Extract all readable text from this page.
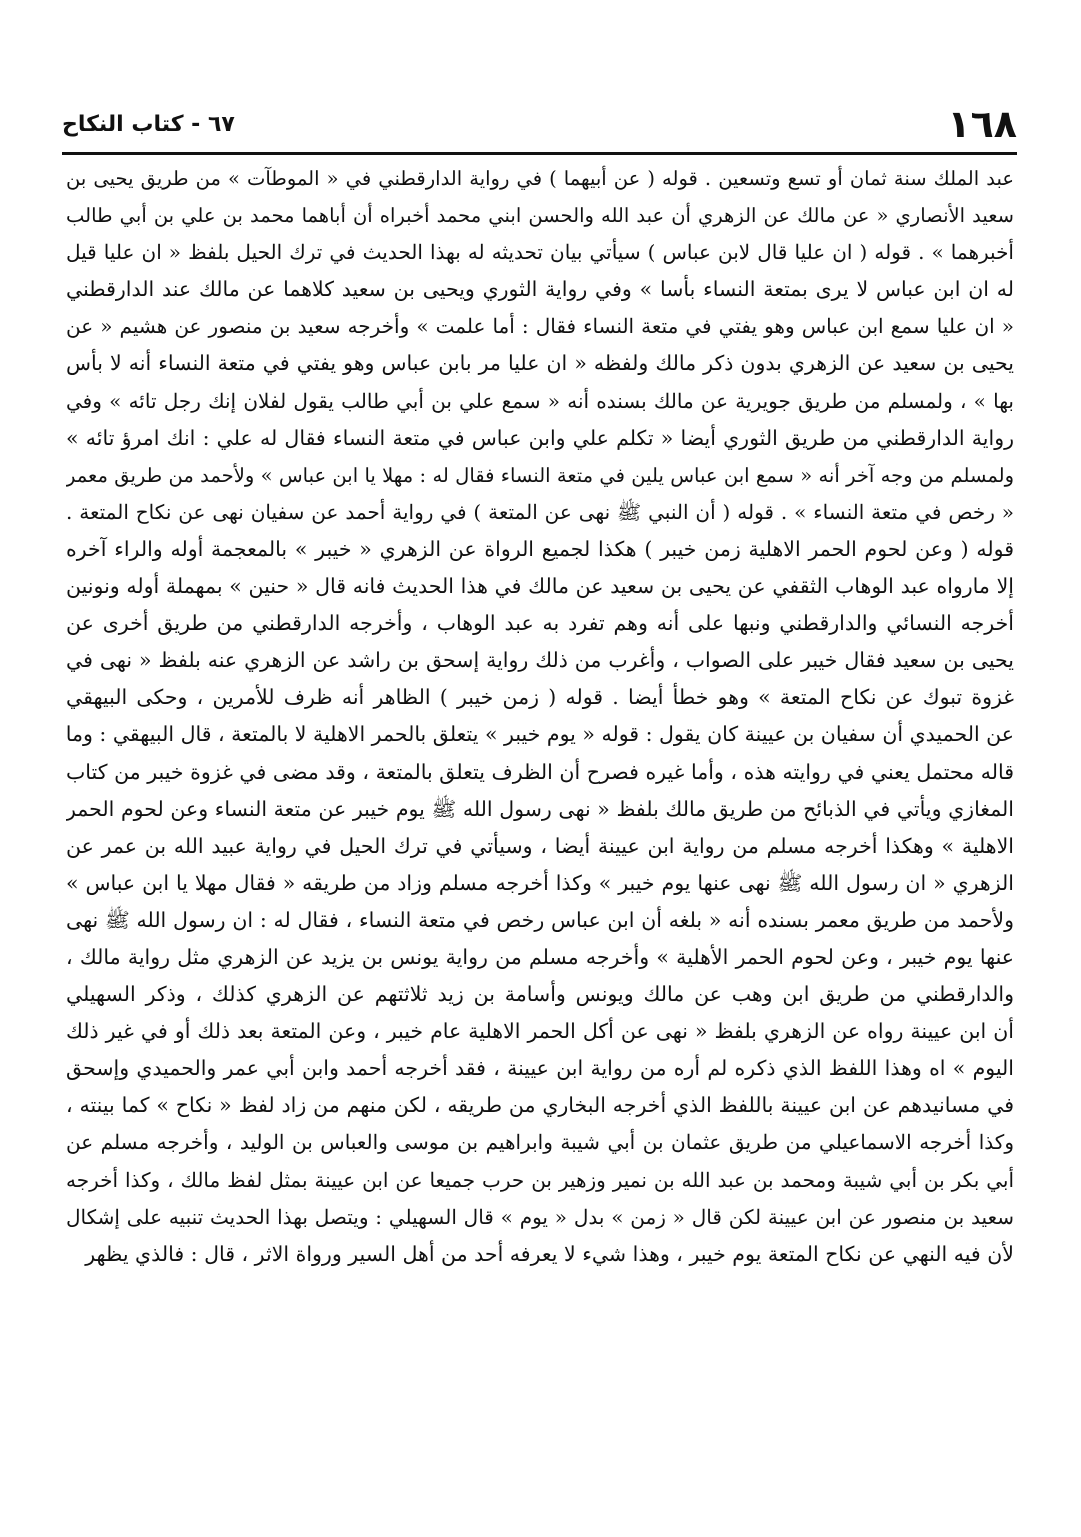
١٦٨
٦٧ - كتاب النكاح
عبد الملك سنة ثمان أو تسع وتسعين . قوله ( عن أبيهما ) في رواية الدارقطني في « الموطآت » من طريق يحيى بن
سعيد الأنصاري « عن مالك عن الزهري أن عبد الله والحسن ابني محمد أخبراه أن أباهما محمد بن علي بن أبي طالب
أخبرهما » . قوله ( ان عليا قال لابن عباس ) سيأتي بيان تحديثه له بهذا الحديث في ترك الحيل بلفظ « ان عليا قيل
له ان ابن عباس لا يرى بمتعة النساء بأسا » وفي رواية الثوري ويحيى بن سعيد كلاهما عن مالك عند الدارقطني
« ان عليا سمع ابن عباس وهو يفتي في متعة النساء فقال : أما علمت » وأخرجه سعيد بن منصور عن هشيم « عن
يحيى بن سعيد عن الزهري بدون ذكر مالك ولفظه « ان عليا مر بابن عباس وهو يفتي في متعة النساء أنه لا بأس
بها » ، ولمسلم من طريق جويرية عن مالك بسنده أنه « سمع علي بن أبي طالب يقول لفلان إنك رجل تائه » وفي
رواية الدارقطني من طريق الثوري أيضا « تكلم علي وابن عباس في متعة النساء فقال له علي : انك امرؤ تائه »
ولمسلم من وجه آخر أنه « سمع ابن عباس يلين في متعة النساء فقال له : مهلا يا ابن عباس » ولأحمد من طريق معمر
« رخص في متعة النساء » . قوله ( أن النبي ﷺ نهى عن المتعة ) في رواية أحمد عن سفيان نهى عن نكاح المتعة .
قوله ( وعن لحوم الحمر الاهلية زمن خيبر ) هكذا لجميع الرواة عن الزهري « خيبر » بالمعجمة أوله والراء آخره
إلا مارواه عبد الوهاب الثقفي عن يحيى بن سعيد عن مالك في هذا الحديث فانه قال « حنين » بمهملة أوله ونونين
أخرجه النسائي والدارقطني ونبها على أنه وهم تفرد به عبد الوهاب ، وأخرجه الدارقطني من طريق أخرى عن
يحيى بن سعيد فقال خيبر على الصواب ، وأغرب من ذلك رواية إسحق بن راشد عن الزهري عنه بلفظ « نهى في
غزوة تبوك عن نكاح المتعة » وهو خطأ أيضا . قوله ( زمن خيبر ) الظاهر أنه ظرف للأمرين ، وحكى البيهقي
عن الحميدي أن سفيان بن عيينة كان يقول : قوله « يوم خيبر » يتعلق بالحمر الاهلية لا بالمتعة ، قال البيهقي : وما
قاله محتمل يعني في روايته هذه ، وأما غيره فصرح أن الظرف يتعلق بالمتعة ، وقد مضى في غزوة خيبر من كتاب
المغازي ويأتي في الذبائح من طريق مالك بلفظ « نهى رسول الله ﷺ يوم خيبر عن متعة النساء وعن لحوم الحمر
الاهلية » وهكذا أخرجه مسلم من رواية ابن عيينة أيضا ، وسيأتي في ترك الحيل في رواية عبيد الله بن عمر عن
الزهري « ان رسول الله ﷺ نهى عنها يوم خيبر » وكذا أخرجه مسلم وزاد من طريقه « فقال مهلا يا ابن عباس »
ولأحمد من طريق معمر بسنده أنه « بلغه أن ابن عباس رخص في متعة النساء ، فقال له : ان رسول الله ﷺ نهى
عنها يوم خيبر ، وعن لحوم الحمر الأهلية » وأخرجه مسلم من رواية يونس بن يزيد عن الزهري مثل رواية مالك ،
والدارقطني من طريق ابن وهب عن مالك ويونس وأسامة بن زيد ثلاثتهم عن الزهري كذلك ، وذكر السهيلي
أن ابن عيينة رواه عن الزهري بلفظ « نهى عن أكل الحمر الاهلية عام خيبر ، وعن المتعة بعد ذلك أو في غير ذلك
اليوم » اه وهذا اللفظ الذي ذكره لم أره من رواية ابن عيينة ، فقد أخرجه أحمد وابن أبي عمر والحميدي وإسحق
في مسانيدهم عن ابن عيينة باللفظ الذي أخرجه البخاري من طريقه ، لكن منهم من زاد لفظ « نكاح » كما بينته ،
وكذا أخرجه الاسماعيلي من طريق عثمان بن أبي شيبة وابراهيم بن موسى والعباس بن الوليد ، وأخرجه مسلم عن
أبي بكر بن أبي شيبة ومحمد بن عبد الله بن نمير وزهير بن حرب جميعا عن ابن عيينة بمثل لفظ مالك ، وكذا أخرجه
سعيد بن منصور عن ابن عيينة لكن قال « زمن » بدل « يوم » قال السهيلي : ويتصل بهذا الحديث تنبيه على إشكال
لأن فيه النهي عن نكاح المتعة يوم خيبر ، وهذا شيء لا يعرفه أحد من أهل السير ورواة الاثر ، قال : فالذي يظهر
